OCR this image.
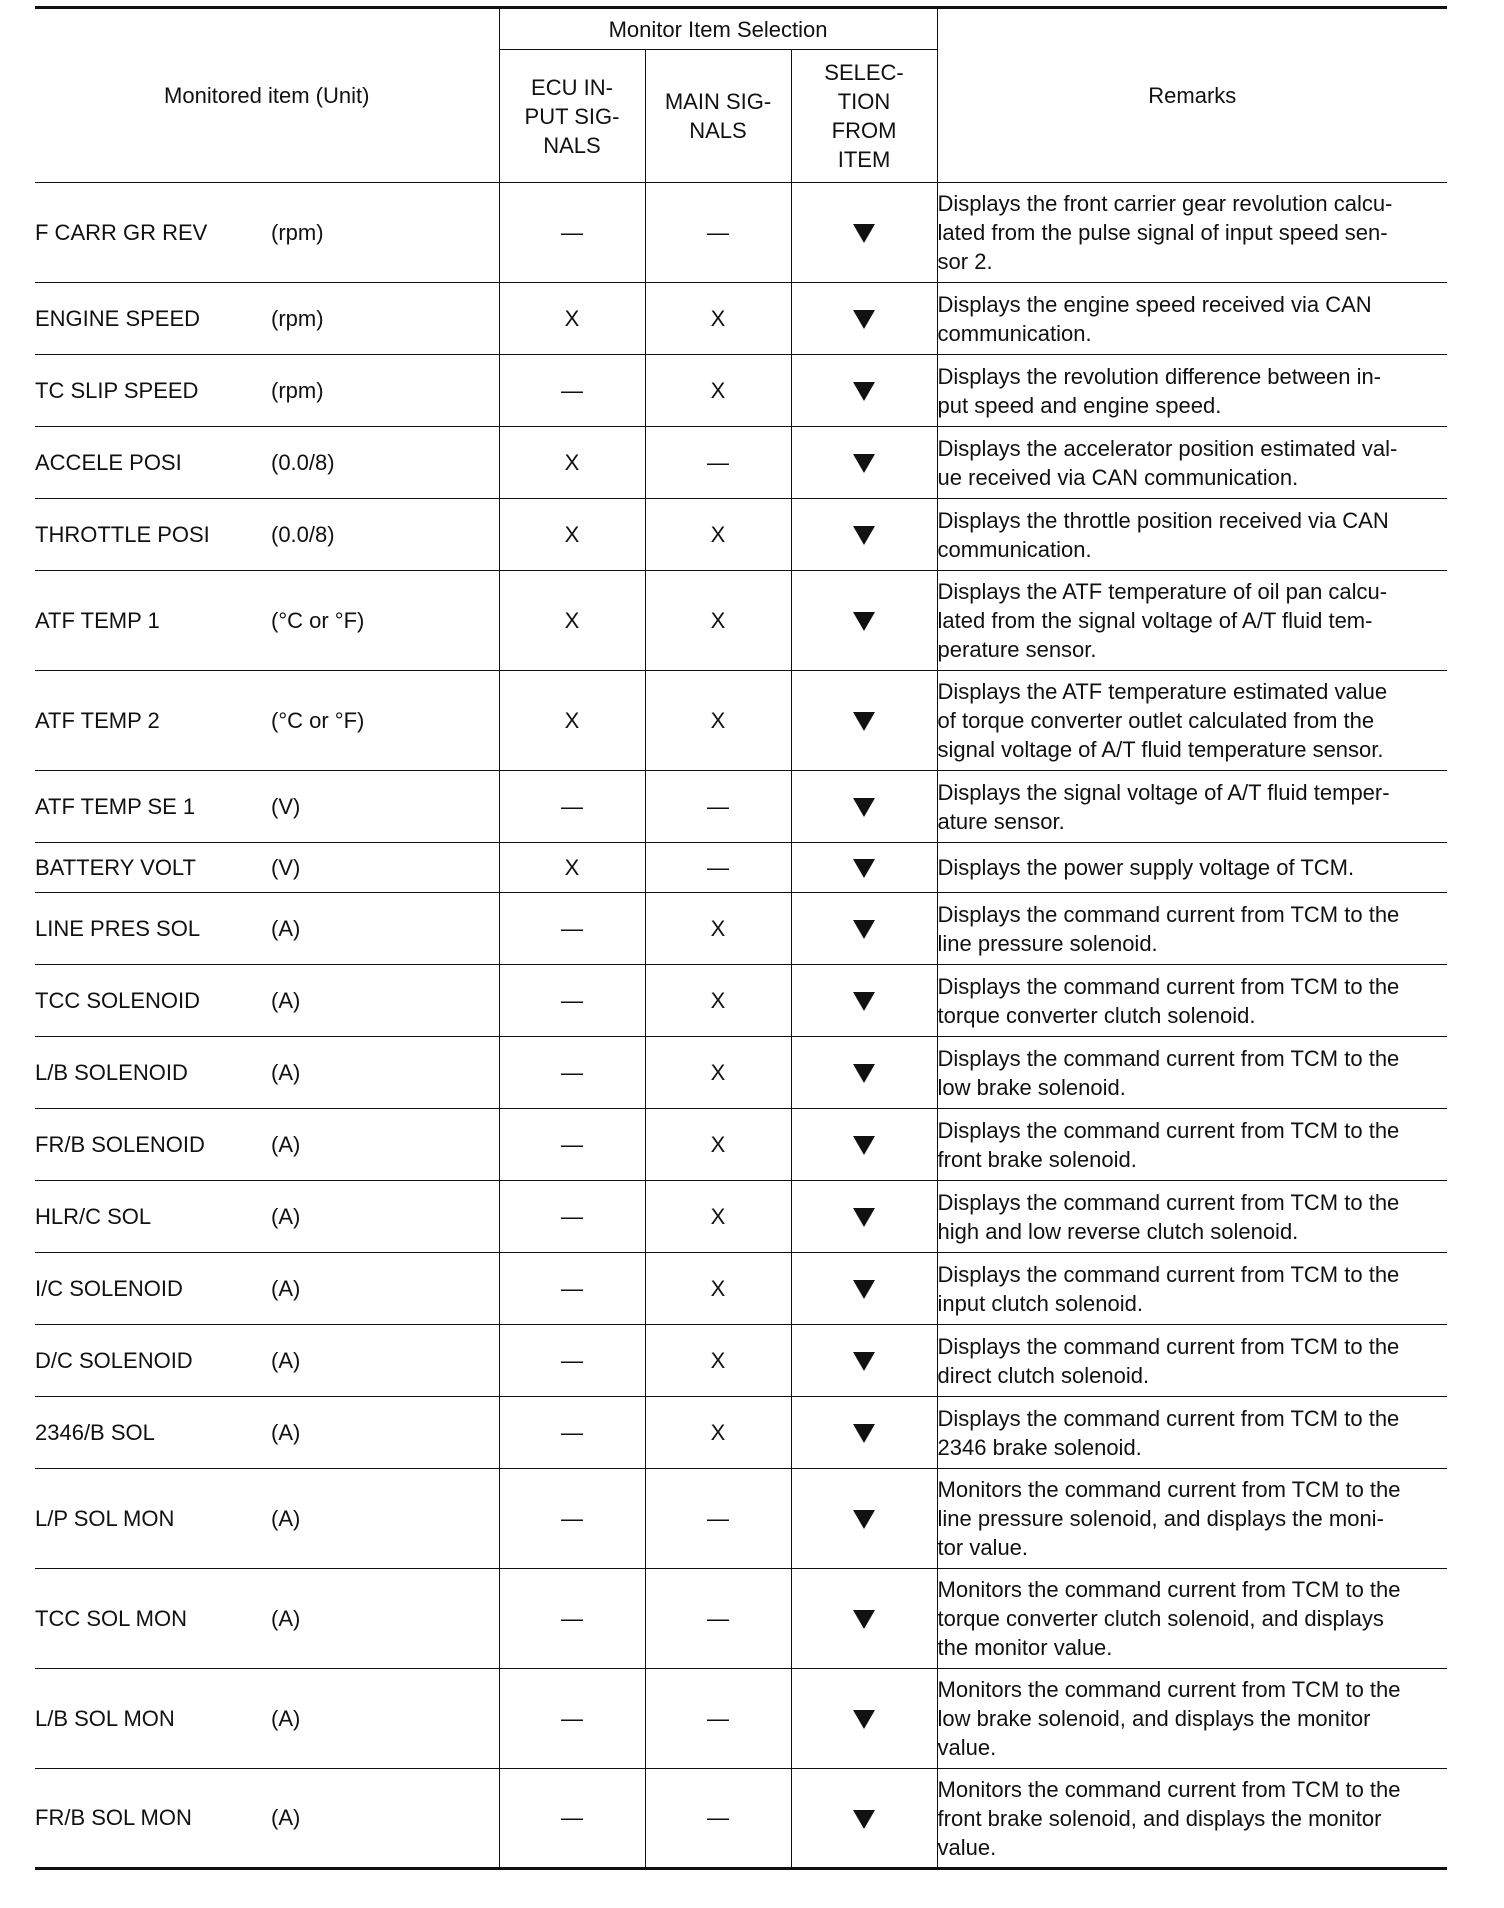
Monitored item (Unit)	Monitor Item Selection			Remarks
	ECU IN-
PUT SIG-
NALS	MAIN SIG-
NALS	SELEC-
TION
FROM
ITEM	
F CARR GR REV (rpm)	—	—		Displays the front carrier gear revolution calcu-
lated from the pulse signal of input speed sen-
sor 2.
ENGINE SPEED (rpm)	X	X		Displays the engine speed received via CAN
communication.
TC SLIP SPEED (rpm)	—	X		Displays the revolution difference between in-
put speed and engine speed.
ACCELE POSI (0.0/8)	X	—		Displays the accelerator position estimated val-
ue received via CAN communication.
THROTTLE POSI (0.0/8)	X	X		Displays the throttle position received via CAN
communication.
ATF TEMP 1 (°C or °F)	X	X		Displays the ATF temperature of oil pan calcu-
lated from the signal voltage of A/T fluid tem-
perature sensor.
ATF TEMP 2 (°C or °F)	X	X		Displays the ATF temperature estimated value
of torque converter outlet calculated from the
signal voltage of A/T fluid temperature sensor.
ATF TEMP SE 1 (V)	—	—		Displays the signal voltage of A/T fluid temper-
ature sensor.
BATTERY VOLT (V)	X	—		Displays the power supply voltage of TCM.
LINE PRES SOL (A)	—	X		Displays the command current from TCM to the
line pressure solenoid.
TCC SOLENOID (A)	—	X		Displays the command current from TCM to the
torque converter clutch solenoid.
L/B SOLENOID (A)	—	X		Displays the command current from TCM to the
low brake solenoid.
FR/B SOLENOID (A)	—	X		Displays the command current from TCM to the
front brake solenoid.
HLR/C SOL (A)	—	X		Displays the command current from TCM to the
high and low reverse clutch solenoid.
I/C SOLENOID (A)	—	X		Displays the command current from TCM to the
input clutch solenoid.
D/C SOLENOID (A)	—	X		Displays the command current from TCM to the
direct clutch solenoid.
2346/B SOL (A)	—	X		Displays the command current from TCM to the
2346 brake solenoid.
L/P SOL MON (A)	—	—		Monitors the command current from TCM to the
line pressure solenoid, and displays the moni-
tor value.
TCC SOL MON (A)	—	—		Monitors the command current from TCM to the
torque converter clutch solenoid, and displays
the monitor value.
L/B SOL MON (A)	—	—		Monitors the command current from TCM to the
low brake solenoid, and displays the monitor
value.
FR/B SOL MON (A)	—	—		Monitors the command current from TCM to the
front brake solenoid, and displays the monitor
value.
